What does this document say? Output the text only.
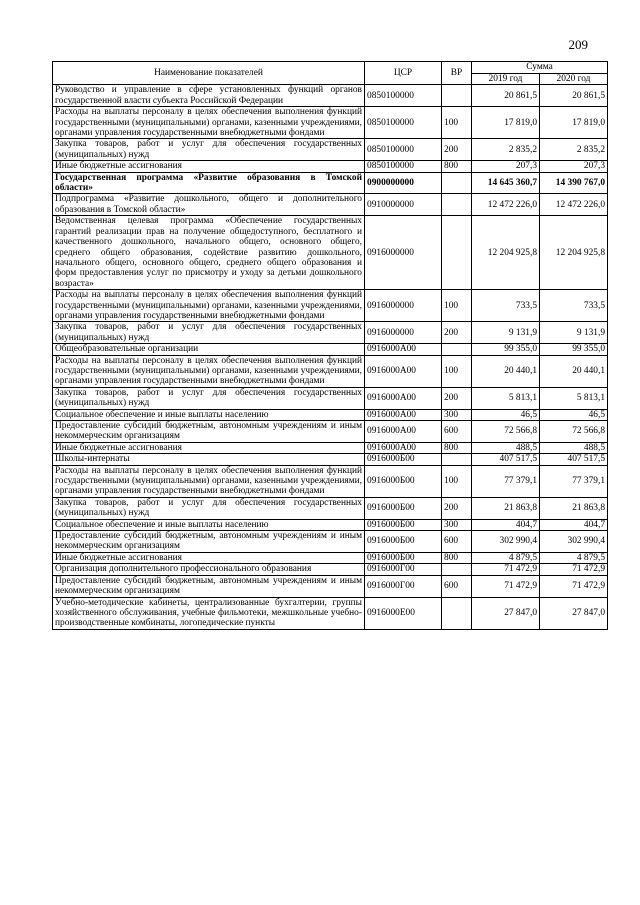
209
Наименование показателей	ЦСР	ВР	Сумма	
			2019 год	2020 год
Руководство и управление в сфере установленных функций органов государственной власти субъекта Российской Федерации	0850100000		20 861,5	20 861,5
Расходы на выплаты персоналу в целях обеспечения выполнения функций государственными (муниципальными) органами, казенными учреждениями, органами управления государственными внебюджетными фондами	0850100000	100	17 819,0	17 819,0
Закупка товаров, работ и услуг для обеспечения государственных (муниципальных) нужд	0850100000	200	2 835,2	2 835,2
Иные бюджетные ассигнования	0850100000	800	207,3	207,3
Государственная программа «Развитие образования в Томской области»	0900000000		14 645 360,7	14 390 767,0
Подпрограмма «Развитие дошкольного, общего и дополнительного образования в Томской области»	0910000000		12 472 226,0	12 472 226,0
Ведомственная целевая программа «Обеспечение государственных гарантий реализации прав на получение общедоступного, бесплатного и качественного дошкольного, начального общего, основного общего, среднего общего образования, содействие развитию дошкольного, начального общего, основного общего, среднего общего образования и форм предоставления услуг по присмотру и уходу за детьми дошкольного возраста»	0916000000		12 204 925,8	12 204 925,8
Расходы на выплаты персоналу в целях обеспечения выполнения функций государственными (муниципальными) органами, казенными учреждениями, органами управления государственными внебюджетными фондами	0916000000	100	733,5	733,5
Закупка товаров, работ и услуг для обеспечения государственных (муниципальных) нужд	0916000000	200	9 131,9	9 131,9
Общеобразовательные организации	0916000А00		99 355,0	99 355,0
Расходы на выплаты персоналу в целях обеспечения выполнения функций государственными (муниципальными) органами, казенными учреждениями, органами управления государственными внебюджетными фондами	0916000А00	100	20 440,1	20 440,1
Закупка товаров, работ и услуг для обеспечения государственных (муниципальных) нужд	0916000А00	200	5 813,1	5 813,1
Социальное обеспечение и иные выплаты населению	0916000А00	300	46,5	46,5
Предоставление субсидий бюджетным, автономным учреждениям и иным некоммерческим организациям	0916000А00	600	72 566,8	72 566,8
Иные бюджетные ассигнования	0916000А00	800	488,5	488,5
Школы-интернаты	0916000Б00		407 517,5	407 517,5
Расходы на выплаты персоналу в целях обеспечения выполнения функций государственными (муниципальными) органами, казенными учреждениями, органами управления государственными внебюджетными фондами	0916000Б00	100	77 379,1	77 379,1
Закупка товаров, работ и услуг для обеспечения государственных (муниципальных) нужд	0916000Б00	200	21 863,8	21 863,8
Социальное обеспечение и иные выплаты населению	0916000Б00	300	404,7	404,7
Предоставление субсидий бюджетным, автономным учреждениям и иным некоммерческим организациям	0916000Б00	600	302 990,4	302 990,4
Иные бюджетные ассигнования	0916000Б00	800	4 879,5	4 879,5
Организация дополнительного профессионального образования	0916000Г00		71 472,9	71 472,9
Предоставление субсидий бюджетным, автономным учреждениям и иным некоммерческим организациям	0916000Г00	600	71 472,9	71 472,9
Учебно-методические кабинеты, централизованные бухгалтерии, группы хозяйственного обслуживания, учебные фильмотеки, межшкольные учебно-производственные комбинаты, логопедические пункты	0916000Е00		27 847,0	27 847,0
